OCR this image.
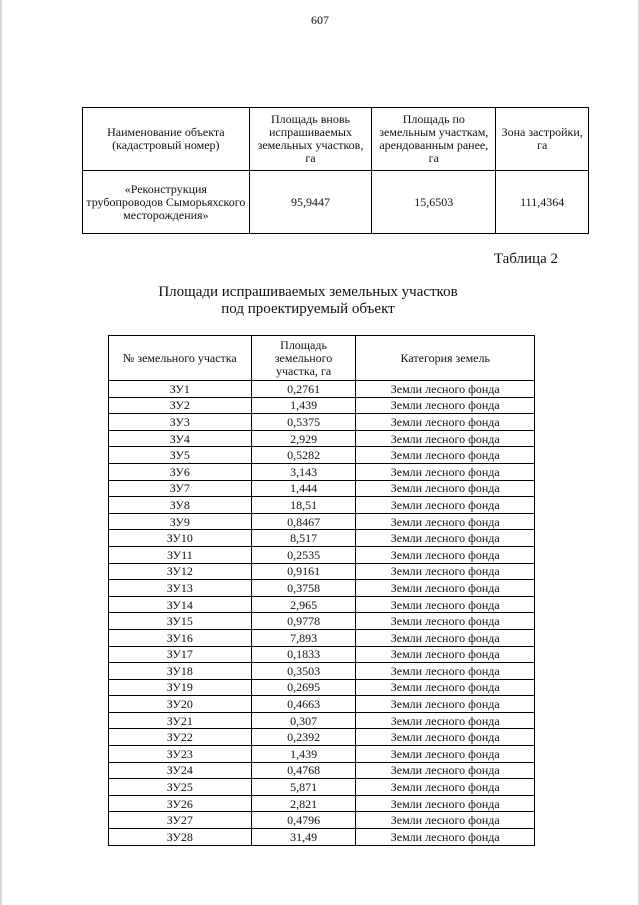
607
Наименование объекта (кадастровый номер)	Площадь вновь испрашиваемых земельных участков, га	Площадь по земельным участкам, арендованным ранее, га	Зона застройки, га
«Реконструкция трубопроводов Сыморьяхского месторождения»	95,9447	15,6503	111,4364
Таблица 2
Площади испрашиваемых земельных участков
под проектируемый объект
№ земельного участка	Площадь земельного участка, га	Категория земель
ЗУ1	0,2761	Земли лесного фонда
ЗУ2	1,439	Земли лесного фонда
ЗУ3	0,5375	Земли лесного фонда
ЗУ4	2,929	Земли лесного фонда
ЗУ5	0,5282	Земли лесного фонда
ЗУ6	3,143	Земли лесного фонда
ЗУ7	1,444	Земли лесного фонда
ЗУ8	18,51	Земли лесного фонда
ЗУ9	0,8467	Земли лесного фонда
ЗУ10	8,517	Земли лесного фонда
ЗУ11	0,2535	Земли лесного фонда
ЗУ12	0,9161	Земли лесного фонда
ЗУ13	0,3758	Земли лесного фонда
ЗУ14	2,965	Земли лесного фонда
ЗУ15	0,9778	Земли лесного фонда
ЗУ16	7,893	Земли лесного фонда
ЗУ17	0,1833	Земли лесного фонда
ЗУ18	0,3503	Земли лесного фонда
ЗУ19	0,2695	Земли лесного фонда
ЗУ20	0,4663	Земли лесного фонда
ЗУ21	0,307	Земли лесного фонда
ЗУ22	0,2392	Земли лесного фонда
ЗУ23	1,439	Земли лесного фонда
ЗУ24	0,4768	Земли лесного фонда
ЗУ25	5,871	Земли лесного фонда
ЗУ26	2,821	Земли лесного фонда
ЗУ27	0,4796	Земли лесного фонда
ЗУ28	31,49	Земли лесного фонда
